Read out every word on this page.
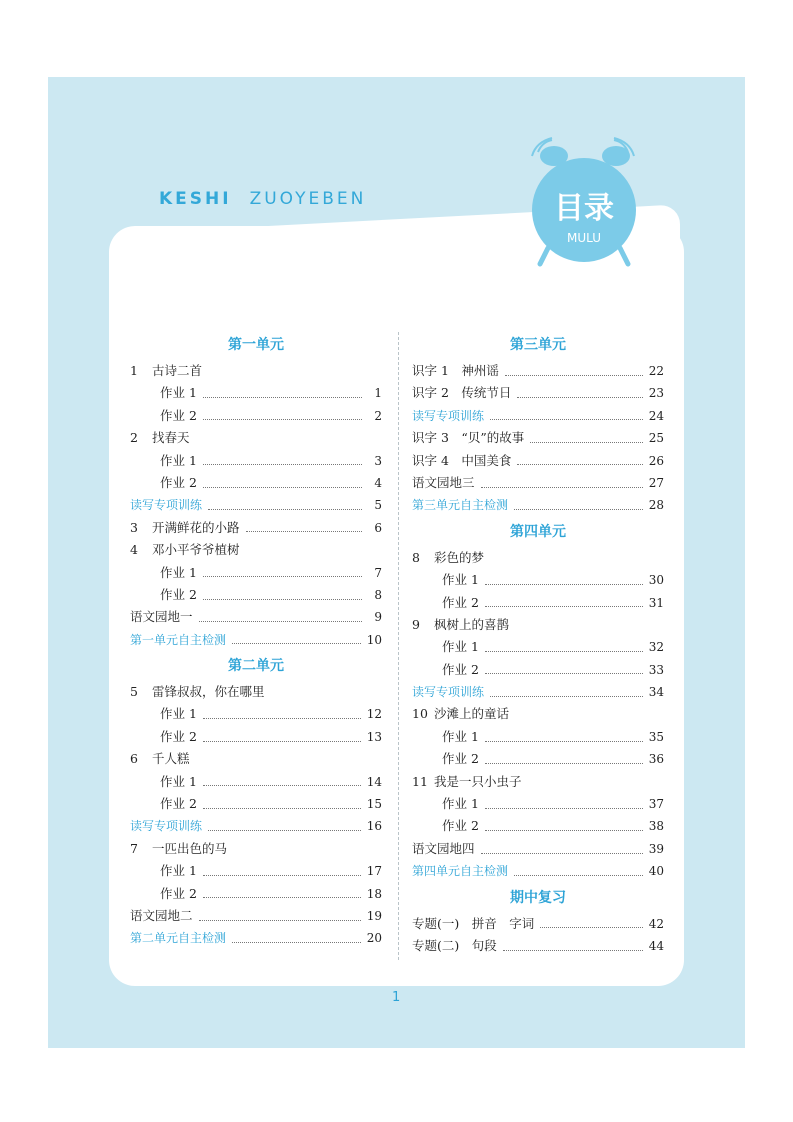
KESHI ZUOYEBEN	目录
MULU
第一单元
1	古诗二首
作业 1	1
作业 2	2
2	找春天
作业 1	3
作业 2	4
读写专项训练	5
3	开满鲜花的小路	6
4	邓小平爷爷植树
作业 1	7
作业 2	8
语文园地一	9
第一单元自主检测	10
第二单元
5	雷锋叔叔，你在哪里
作业 1	12
作业 2	13
6	千人糕
作业 1	14
作业 2	15
读写专项训练	16
7	一匹出色的马
作业 1	17
作业 2	18
语文园地二	19
第二单元自主检测	20
第三单元
识字 1　神州谣	22
识字 2　传统节日	23
读写专项训练	24
识字 3　“贝”的故事	25
识字 4　中国美食	26
语文园地三	27
第三单元自主检测	28
第四单元
8	彩色的梦
作业 1	30
作业 2	31
9	枫树上的喜鹊
作业 1	32
作业 2	33
读写专项训练	34
10 沙滩上的童话
作业 1	35
作业 2	36
11 我是一只小虫子
作业 1	37
作业 2	38
语文园地四	39
第四单元自主检测	40
期中复习
专题(一)　拼音　字词	42
专题(二)　句段	44
1
